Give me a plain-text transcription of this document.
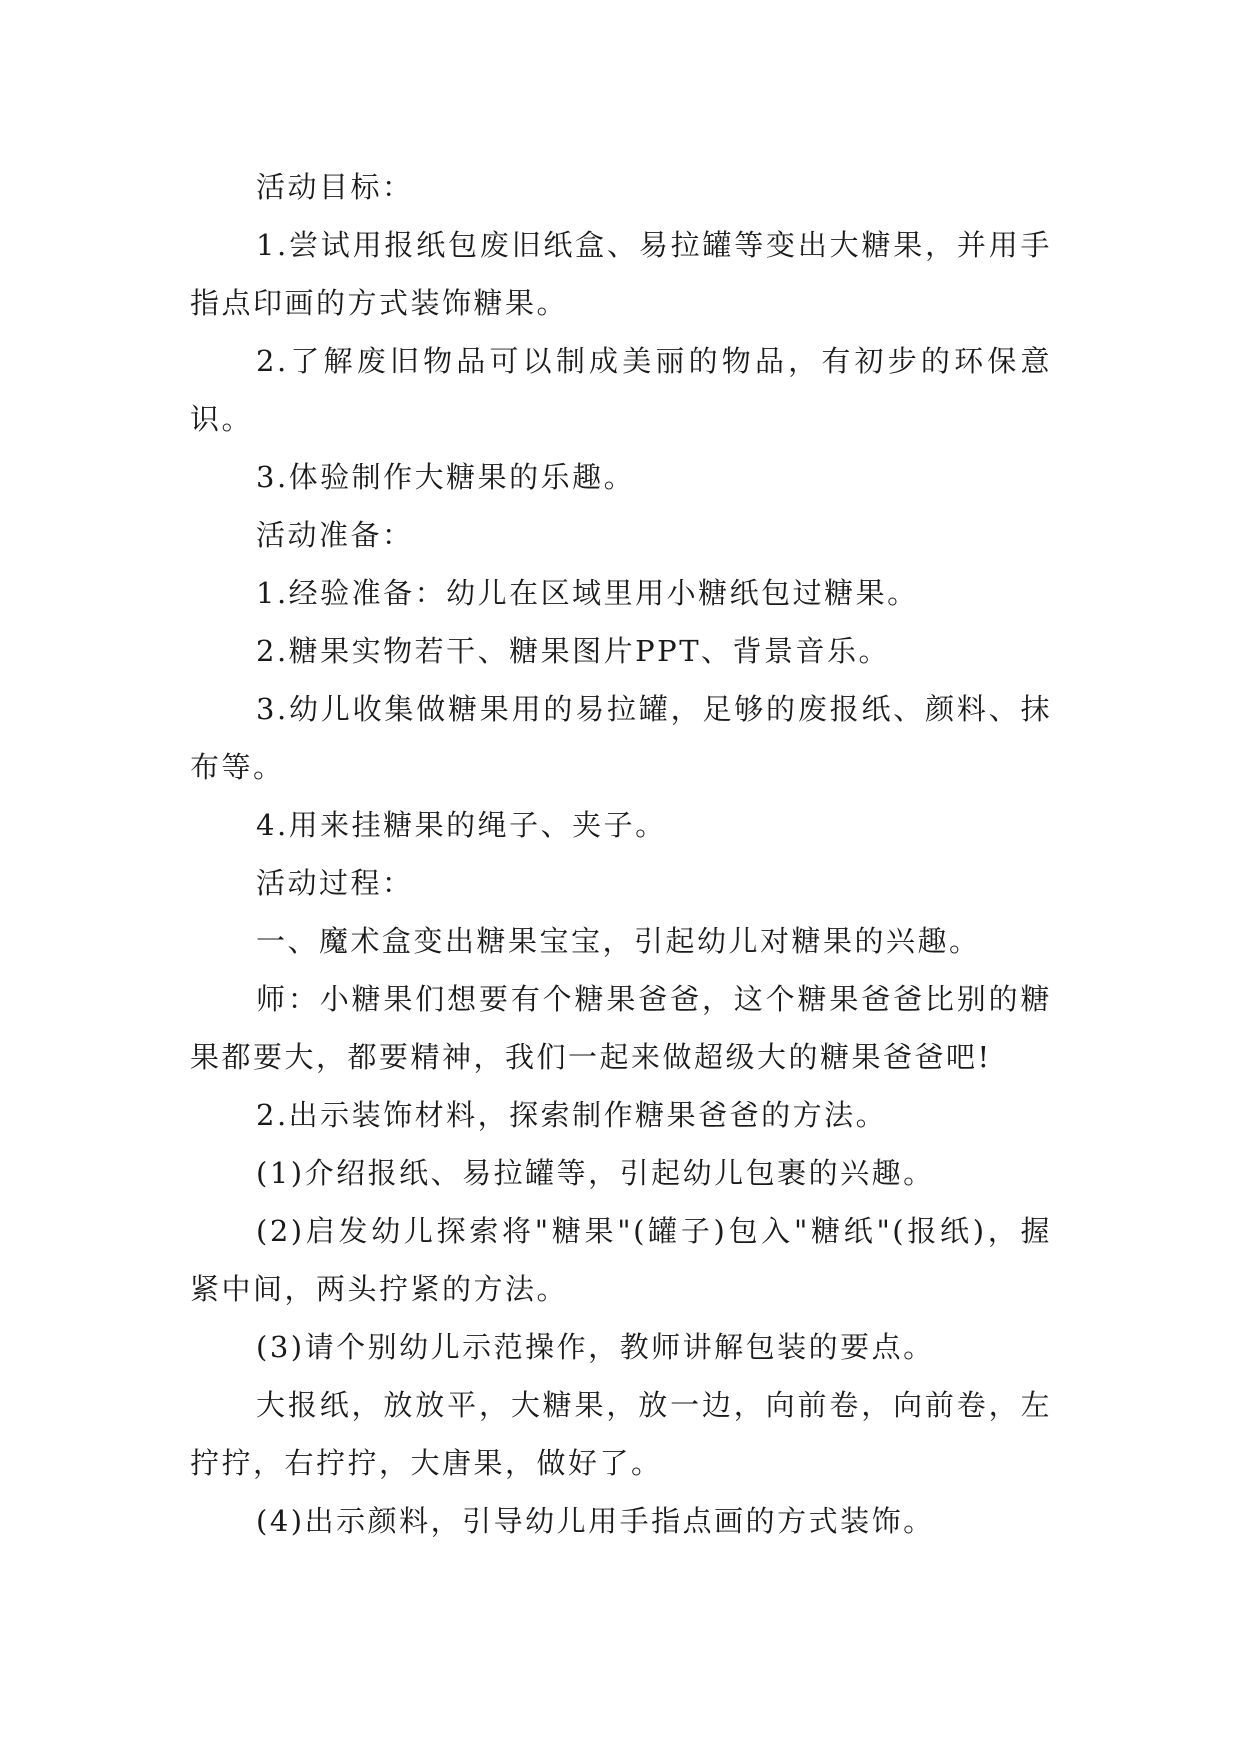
活动目标：

1.尝试用报纸包废旧纸盒、易拉罐等变出大糖果，并用手指点印画的方式装饰糖果。

2.了解废旧物品可以制成美丽的物品，有初步的环保意识。

3.体验制作大糖果的乐趣。

活动准备：

1.经验准备：幼儿在区域里用小糖纸包过糖果。

2.糖果实物若干、糖果图片PPT、背景音乐。

3.幼儿收集做糖果用的易拉罐，足够的废报纸、颜料、抹布等。

4.用来挂糖果的绳子、夹子。

活动过程：

一、魔术盒变出糖果宝宝，引起幼儿对糖果的兴趣。

师：小糖果们想要有个糖果爸爸，这个糖果爸爸比别的糖果都要大，都要精神，我们一起来做超级大的糖果爸爸吧!

2.出示装饰材料，探索制作糖果爸爸的方法。

(1)介绍报纸、易拉罐等，引起幼儿包裹的兴趣。

(2)启发幼儿探索将"糖果"(罐子)包入"糖纸"(报纸)，握紧中间，两头拧紧的方法。

(3)请个别幼儿示范操作，教师讲解包装的要点。

大报纸，放放平，大糖果，放一边，向前卷，向前卷，左拧拧，右拧拧，大唐果，做好了。

(4)出示颜料，引导幼儿用手指点画的方式装饰。
